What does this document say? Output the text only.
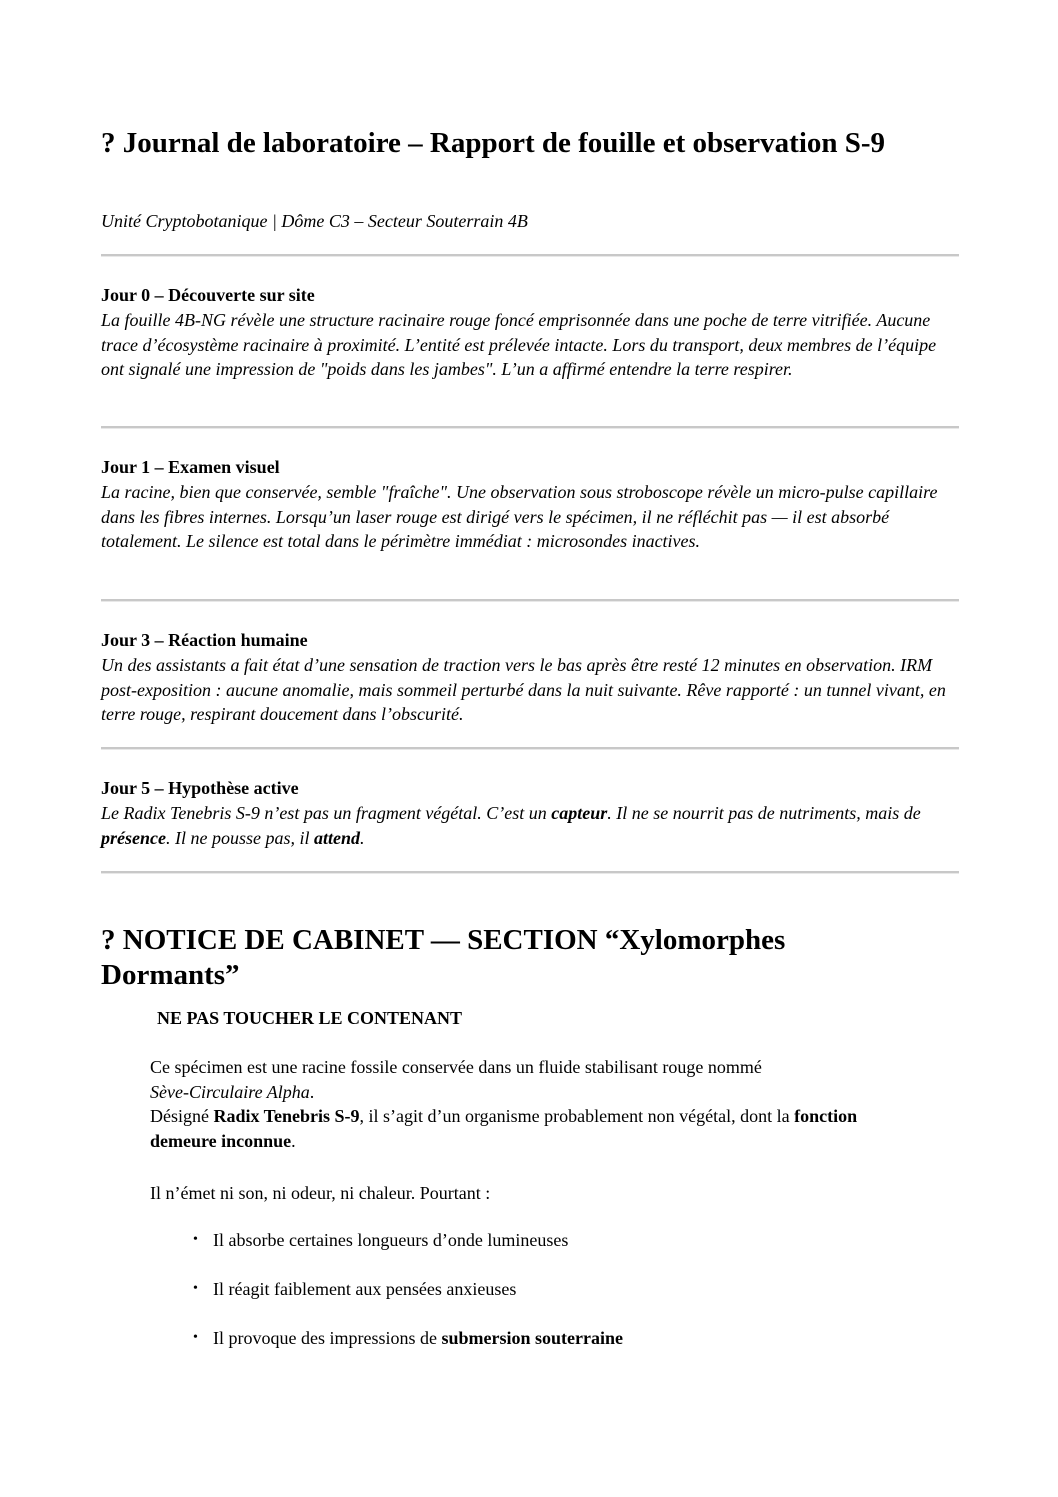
? Journal de laboratoire – Rapport de fouille et observation S-9

Unité Cryptobotanique | Dôme C3 – Secteur Souterrain 4B

Jour 0 – Découverte sur site

La fouille 4B-NG révèle une structure racinaire rouge foncé emprisonnée dans une poche de terre vitrifiée. Aucune trace d’écosystème racinaire à proximité. L’entité est prélevée intacte. Lors du transport, deux membres de l’équipe ont signalé une impression de "poids dans les jambes". L’un a affirmé entendre la terre respirer.

Jour 1 – Examen visuel

La racine, bien que conservée, semble "fraîche". Une observation sous stroboscope révèle un micro-pulse capillaire dans les fibres internes. Lorsqu’un laser rouge est dirigé vers le spécimen, il ne réfléchit pas — il est absorbé totalement. Le silence est total dans le périmètre immédiat : microsondes inactives.

Jour 3 – Réaction humaine

Un des assistants a fait état d’une sensation de traction vers le bas après être resté 12 minutes en observation. IRM post-exposition : aucune anomalie, mais sommeil perturbé dans la nuit suivante. Rêve rapporté : un tunnel vivant, en terre rouge, respirant doucement dans l’obscurité.

Jour 5 – Hypothèse active

Le Radix Tenebris S-9 n’est pas un fragment végétal. C’est un capteur. Il ne se nourrit pas de nutriments, mais de présence. Il ne pousse pas, il attend.

? NOTICE DE CABINET — SECTION “Xylomorphes Dormants”

NE PAS TOUCHER LE CONTENANT

Ce spécimen est une racine fossile conservée dans un fluide stabilisant rouge nommé
Sève-Circulaire Alpha.
Désigné Radix Tenebris S-9, il s’agit d’un organisme probablement non végétal, dont la fonction demeure inconnue.

Il n’émet ni son, ni odeur, ni chaleur. Pourtant :

• Il absorbe certaines longueurs d’onde lumineuses
• Il réagit faiblement aux pensées anxieuses
• Il provoque des impressions de submersion souterraine
